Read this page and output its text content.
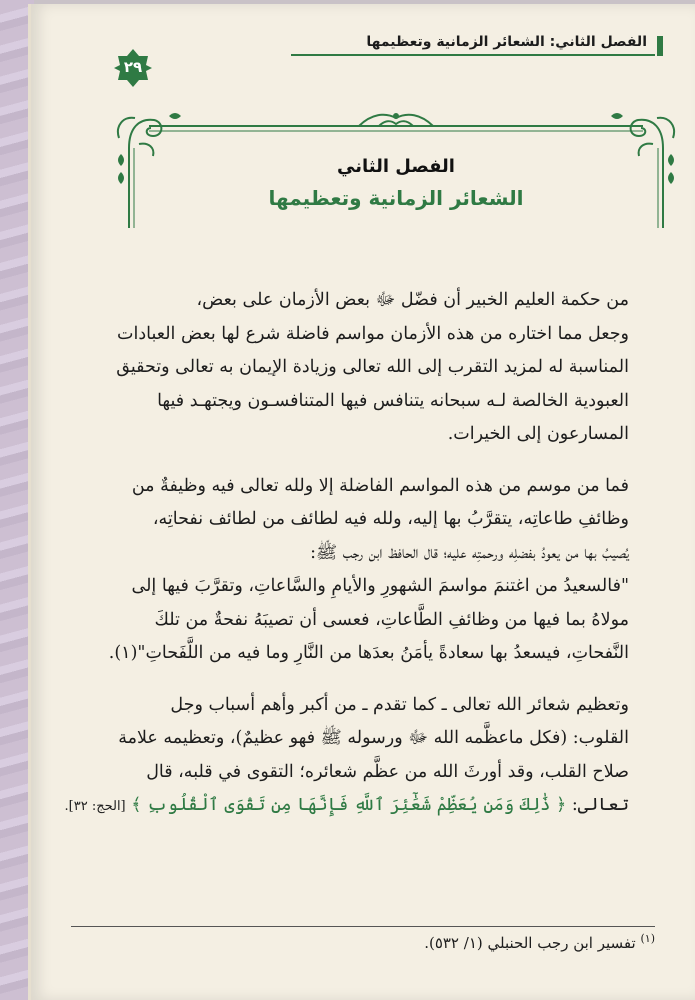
الفصل الثاني: الشعائر الزمانية وتعظيمها
٢٩
الفصل الثاني
الشعائر الزمانية وتعظيمها
من حكمة العليم الخبير أن فضّل ﷻ بعض الأزمان على بعض،
وجعل مما اختاره من هذه الأزمان مواسم فاضلة شرع لها بعض العبادات
المناسبة له لمزيد التقرب إلى الله تعالى وزيادة الإيمان به تعالى وتحقيق
العبودية الخالصة لـه سبحانه يتنافس فيها المتنافسـون ويجتهـد فيها
المسارعون إلى الخيرات.
فما من موسم من هذه المواسم الفاضلة إلا ولله تعالى فيه وظيفةٌ من
وظائفِ طاعاتِه، يتقرَّبُ بها إليه، ولله فيه لطائف من لطائف نفحاتِه،
يُصيبُ بها من يعودُ بفضلِه ورحمتِه عليه؛ قال الحافظ ابن رجب ﷺ:
"فالسعيدُ من اغتنمَ مواسمَ الشهورِ والأيامِ والسَّاعاتِ، وتقرَّبَ فيها إلى
مولاهُ بما فيها من وظائفِ الطَّاعاتِ، فعسى أن تصيبَهُ نفحةٌ من تلكَ
النَّفحاتِ، فيسعدُ بها سعادةً يأمَنُ بعدَها من النَّارِ وما فيه من اللَّفَحاتِ"(١).
وتعظيم شعائر الله تعالى ـ كما تقدم ـ من أكبر وأهم أسباب وجل
القلوب: (فكل ماعظَّمه الله ﷻ ورسوله ﷺ فهو عظيمٌ)، وتعظيمه علامة
صلاح القلب، وقد أورثَ الله من عظَّم شعائره؛ التقوى في قلبه، قال
تعالى: ﴿ ذَٰلِكَ وَمَن يُعَظِّمْ شَعَٰٓئِرَ ٱللَّهِ فَإِنَّهَا مِن تَقْوَى ٱلْقُلُوبِ ﴾ [الحج: ٣٢].
$^{(١)}$ تفسير ابن رجب الحنبلي (١/ ٥٣٢).
